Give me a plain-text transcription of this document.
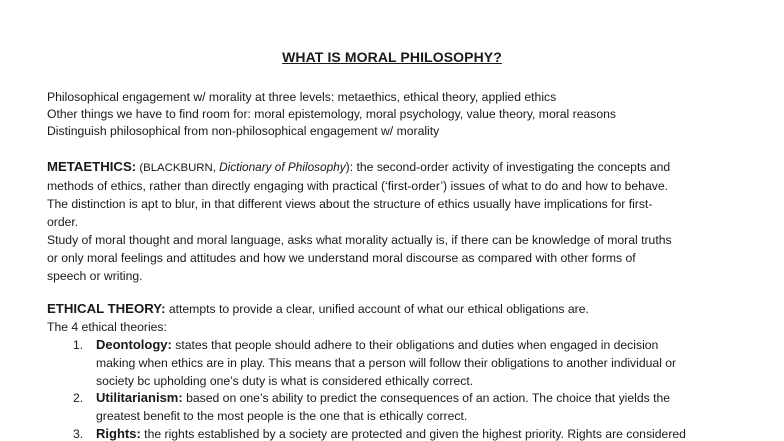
WHAT IS MORAL PHILOSOPHY?
Philosophical engagement w/ morality at three levels: metaethics, ethical theory, applied ethics
Other things we have to find room for: moral epistemology, moral psychology, value theory, moral reasons
Distinguish philosophical from non-philosophical engagement w/ morality
METAETHICS: (BLACKBURN, Dictionary of Philosophy): the second-order activity of investigating the concepts and
methods of ethics, rather than directly engaging with practical (‘first-order’) issues of what to do and how to behave.
The distinction is apt to blur, in that different views about the structure of ethics usually have implications for first-
order.
Study of moral thought and moral language, asks what morality actually is, if there can be knowledge of moral truths
or only moral feelings and attitudes and how we understand moral discourse as compared with other forms of
speech or writing.
ETHICAL THEORY: attempts to provide a clear, unified account of what our ethical obligations are.
The 4 ethical theories:
1. Deontology: states that people should adhere to their obligations and duties when engaged in decision
making when ethics are in play. This means that a person will follow their obligations to another individual or
society bc upholding one’s duty is what is considered ethically correct.
2. Utilitarianism: based on one’s ability to predict the consequences of an action. The choice that yields the
greatest benefit to the most people is the one that is ethically correct.
3. Rights: the rights established by a society are protected and given the highest priority. Rights are considered
